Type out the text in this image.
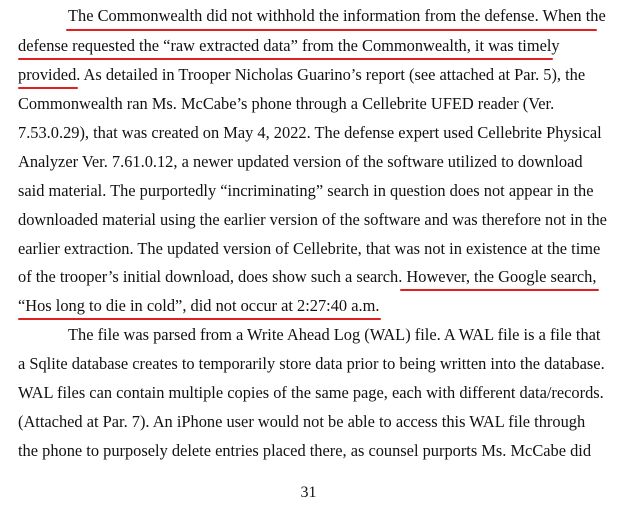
The Commonwealth did not withhold the information from the defense. When the
defense requested the “raw extracted data” from the Commonwealth, it was timely
provided. As detailed in Trooper Nicholas Guarino’s report (see attached at Par. 5), the
Commonwealth ran Ms. McCabe’s phone through a Cellebrite UFED reader (Ver.
7.53.0.29), that was created on May 4, 2022. The defense expert used Cellebrite Physical
Analyzer Ver. 7.61.0.12, a newer updated version of the software utilized to download
said material. The purportedly “incriminating” search in question does not appear in the
downloaded material using the earlier version of the software and was therefore not in the
earlier extraction. The updated version of Cellebrite, that was not in existence at the time
of the trooper’s initial download, does show such a search. However, the Google search,
“Hos long to die in cold”, did not occur at 2:27:40 a.m.
The file was parsed from a Write Ahead Log (WAL) file. A WAL file is a file that
a Sqlite database creates to temporarily store data prior to being written into the database.
WAL files can contain multiple copies of the same page, each with different data/records.
(Attached at Par. 7). An iPhone user would not be able to access this WAL file through
the phone to purposely delete entries placed there, as counsel purports Ms. McCabe did
31
